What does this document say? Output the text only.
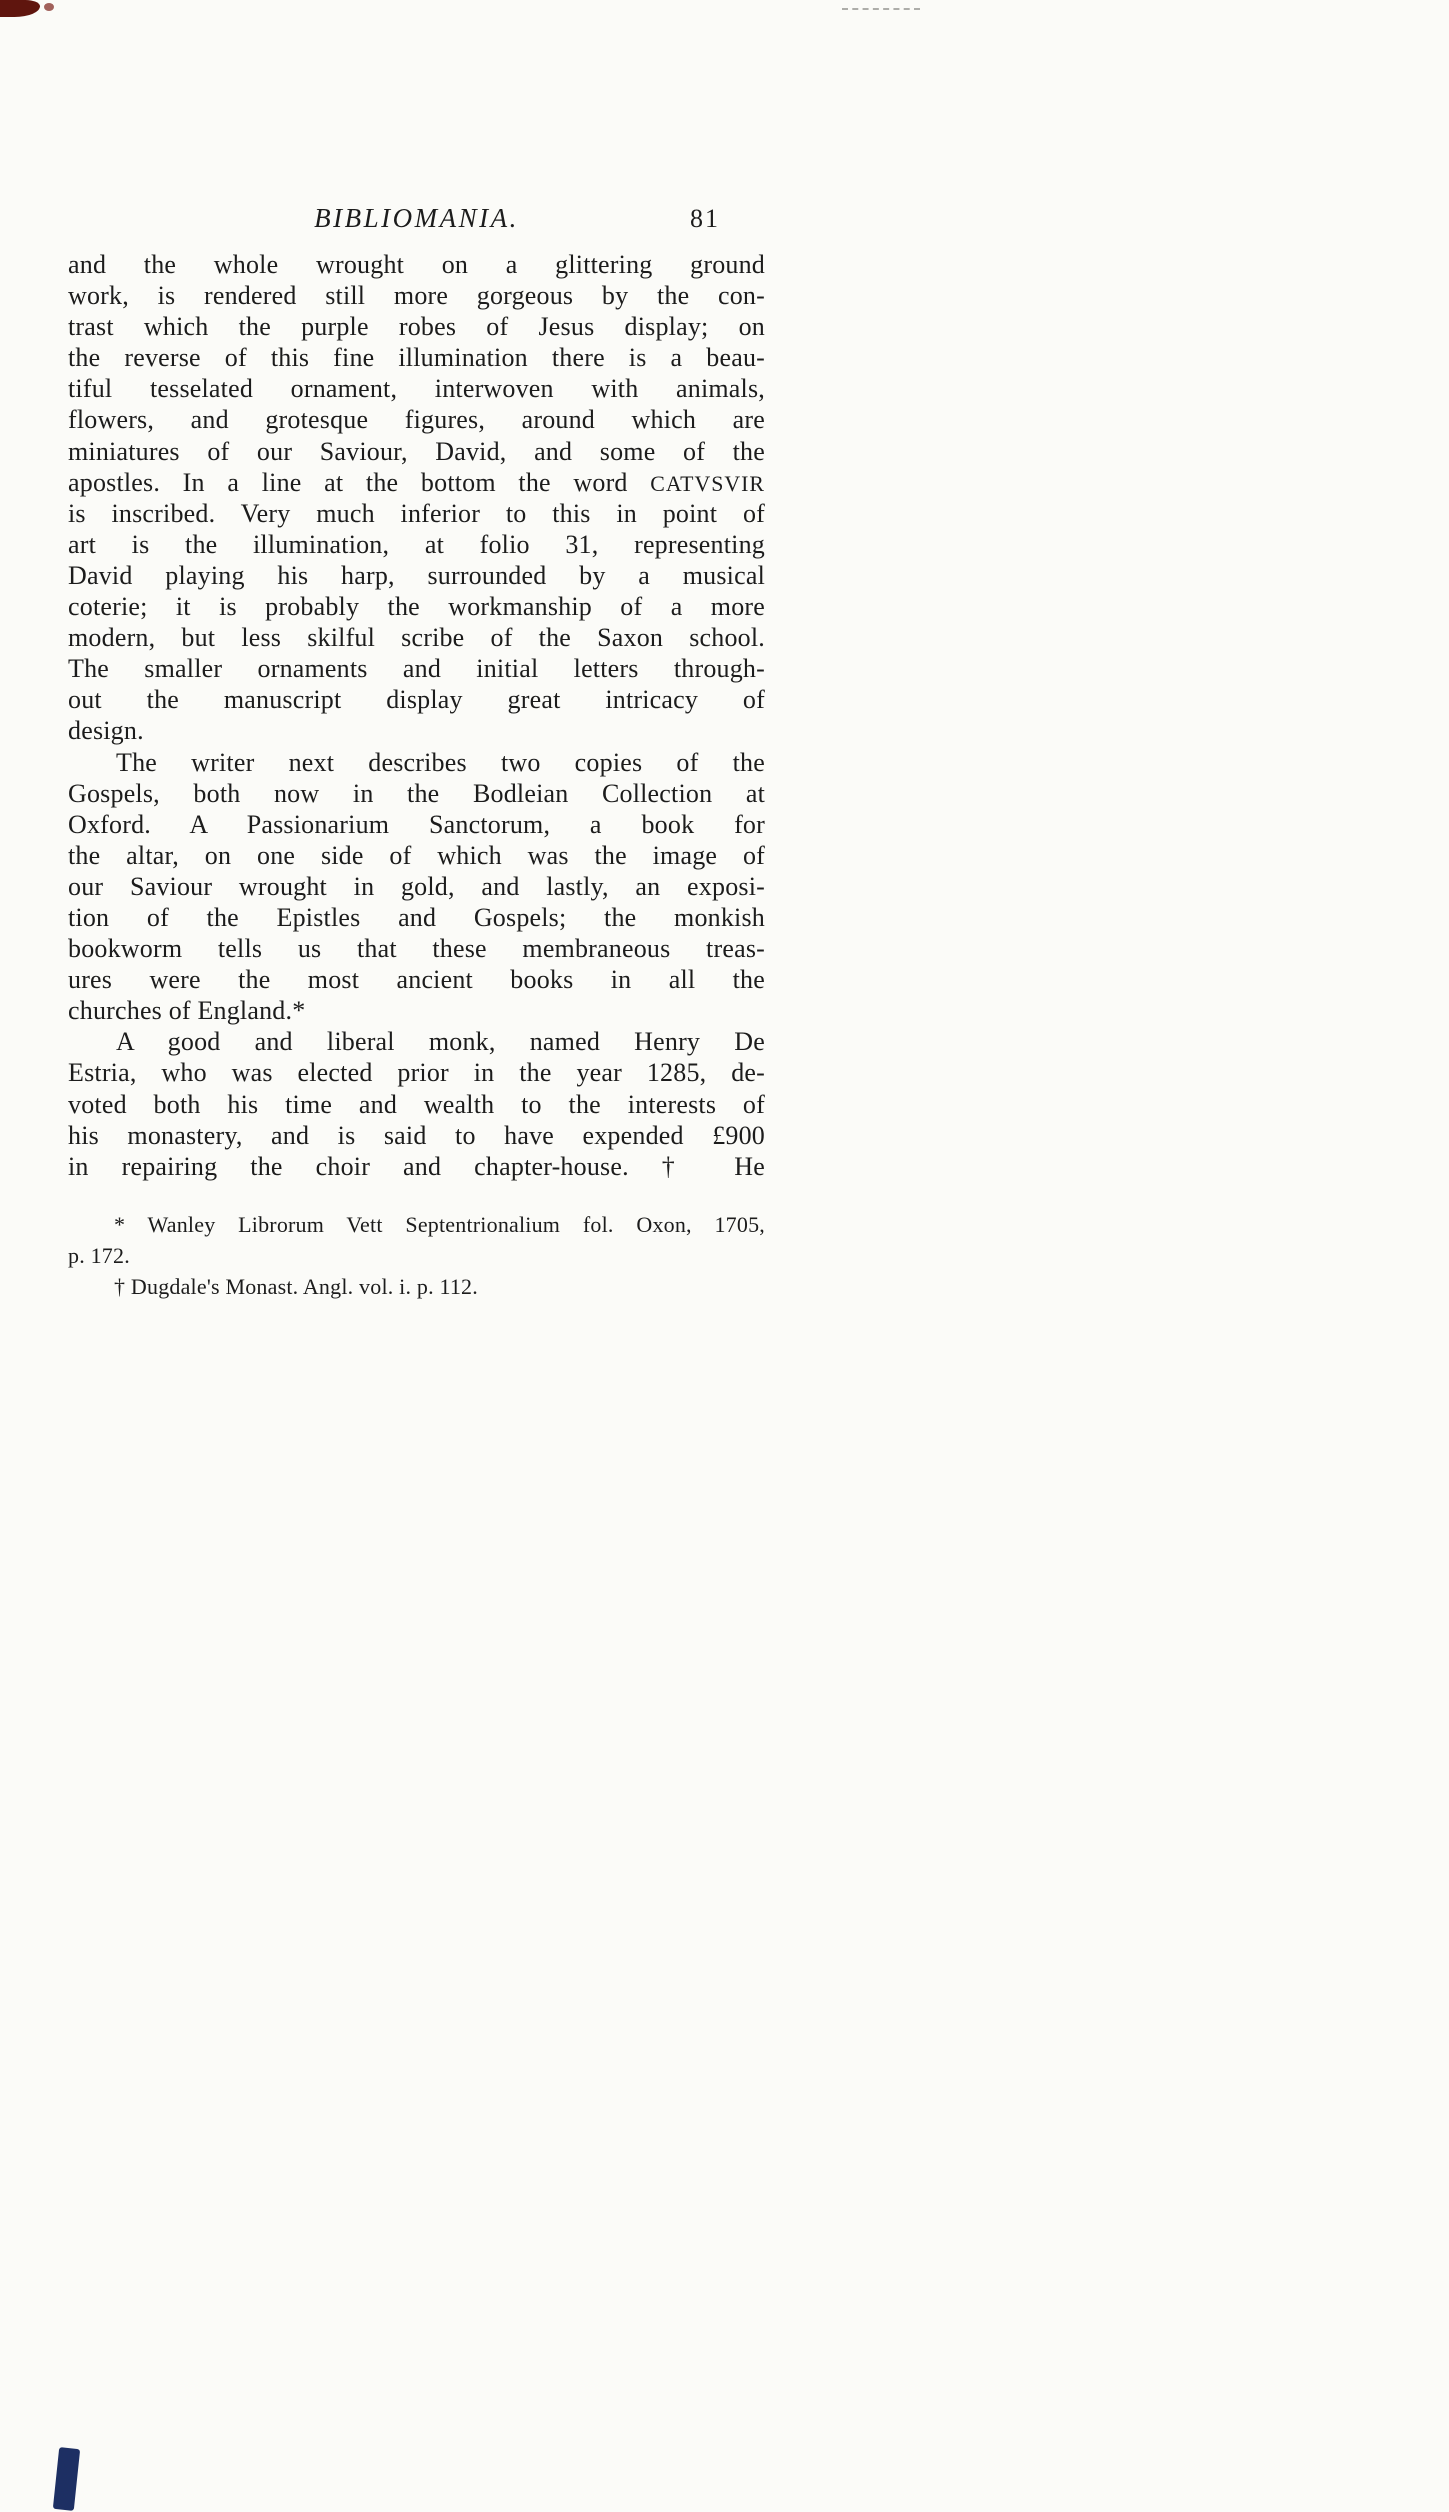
BIBLIOMANIA.	81
and the whole wrought on a glittering ground
work, is rendered still more gorgeous by the con-
trast which the purple robes of Jesus display; on
the reverse of this fine illumination there is a beau-
tiful tesselated ornament, interwoven with animals,
flowers, and grotesque figures, around which are
miniatures of our Saviour, David, and some of the
apostles. In a line at the bottom the word CATVSVIR
is inscribed. Very much inferior to this in point of
art is the illumination, at folio 31, representing
David playing his harp, surrounded by a musical
coterie; it is probably the workmanship of a more
modern, but less skilful scribe of the Saxon school.
The smaller ornaments and initial letters through-
out the manuscript display great intricacy of
design.
The writer next describes two copies of the
Gospels, both now in the Bodleian Collection at
Oxford. A Passionarium Sanctorum, a book for
the altar, on one side of which was the image of
our Saviour wrought in gold, and lastly, an exposi-
tion of the Epistles and Gospels; the monkish
bookworm tells us that these membraneous treas-
ures were the most ancient books in all the
churches of England.*
A good and liberal monk, named Henry De
Estria, who was elected prior in the year 1285, de-
voted both his time and wealth to the interests of
his monastery, and is said to have expended £900
in repairing the choir and chapter-house. † He
* Wanley Librorum Vett Septentrionalium fol. Oxon, 1705,
p. 172.
† Dugdale's Monast. Angl. vol. i. p. 112.
